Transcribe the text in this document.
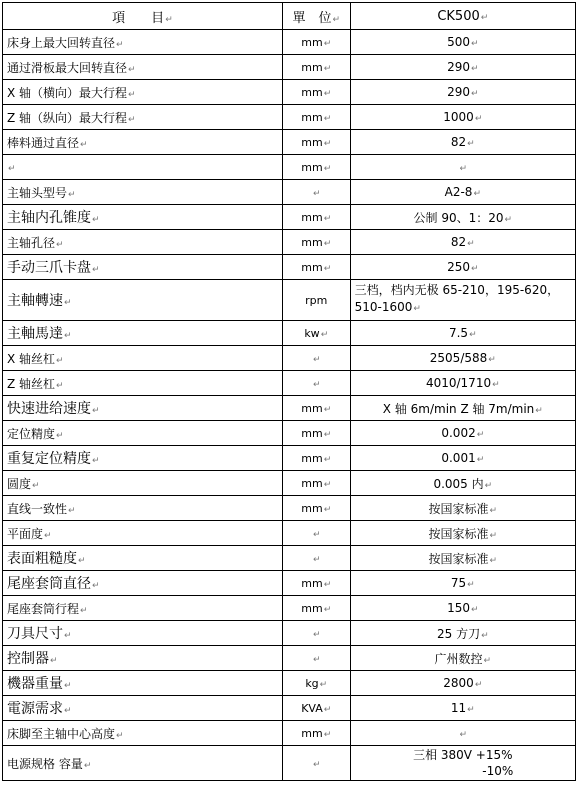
項　　目↵	單　位↵	CK500↵
床身上最大回转直径↵	mm↵	500↵
通过滑板最大回转直径↵	mm↵	290↵
X 轴（横向）最大行程↵	mm↵	290↵
Z 轴（纵向）最大行程↵	mm↵	1000↵
棒料通过直径↵	mm↵	82↵
↵	mm↵	↵
主轴头型号↵	↵	A2-8↵
主轴内孔锥度↵	mm↵	公制 90、1：20↵
主轴孔径↵	mm↵	82↵
手动三爪卡盘↵	mm↵	250↵
主軸轉速↵	rpm	三档，档内无极 65-210，195-620，510-1600↵
主軸馬達↵	kw↵	7.5↵
X 轴丝杠↵	↵	2505/588↵
Z 轴丝杠↵	↵	4010/1710↵
快速进给速度↵	mm↵	X 轴 6m/min Z 轴 7m/min↵
定位精度↵	mm↵	0.002↵
重复定位精度↵	mm↵	0.001↵
圆度↵	mm↵	0.005 内↵
直线一致性↵	mm↵	按国家标准↵
平面度↵	↵	按国家标准↵
表面粗糙度↵	↵	按国家标准↵
尾座套筒直径↵	mm↵	75↵
尾座套筒行程↵	mm↵	150↵
刀具尺寸↵	↵	25 方刀↵
控制器↵	↵	广州数控↵
機器重量↵	kg↵	2800↵
電源需求↵	KVA↵	11↵
床脚至主轴中心高度↵	mm↵	↵
电源规格 容量↵	↵	三相 380V +15%
-10%
